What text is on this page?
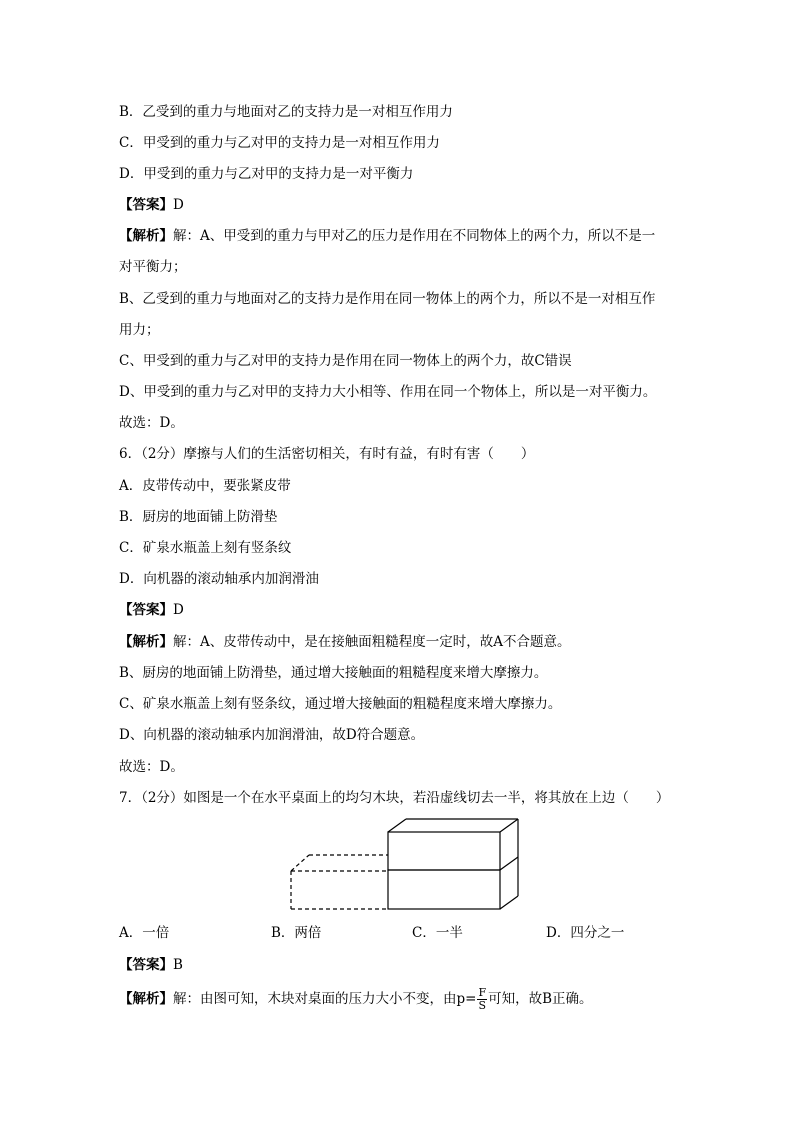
B．乙受到的重力与地面对乙的支持力是一对相互作用力
C．甲受到的重力与乙对甲的支持力是一对相互作用力
D．甲受到的重力与乙对甲的支持力是一对平衡力
【答案】D
【解析】解：A、甲受到的重力与甲对乙的压力是作用在不同物体上的两个力，所以不是一
对平衡力；
B、乙受到的重力与地面对乙的支持力是作用在同一物体上的两个力，所以不是一对相互作
用力；
C、甲受到的重力与乙对甲的支持力是作用在同一物体上的两个力，故C错误
D、甲受到的重力与乙对甲的支持力大小相等、作用在同一个物体上，所以是一对平衡力。
故选：D。
6．（2分）摩擦与人们的生活密切相关，有时有益，有时有害（　　）
A．皮带传动中，要张紧皮带
B．厨房的地面铺上防滑垫
C．矿泉水瓶盖上刻有竖条纹
D．向机器的滚动轴承内加润滑油
【答案】D
【解析】解：A、皮带传动中，是在接触面粗糙程度一定时，故A不合题意。
B、厨房的地面铺上防滑垫，通过增大接触面的粗糙程度来增大摩擦力。
C、矿泉水瓶盖上刻有竖条纹，通过增大接触面的粗糙程度来增大摩擦力。
D、向机器的滚动轴承内加润滑油，故D符合题意。
故选：D。
7．（2分）如图是一个在水平桌面上的均匀木块，若沿虚线切去一半，将其放在上边（　　）
A．一倍	B．两倍	C．一半	D．四分之一
【答案】B
【解析】解：由图可知，木块对桌面的压力大小不变，由$p= \frac{F}{S}$ 可知，故B正确。
